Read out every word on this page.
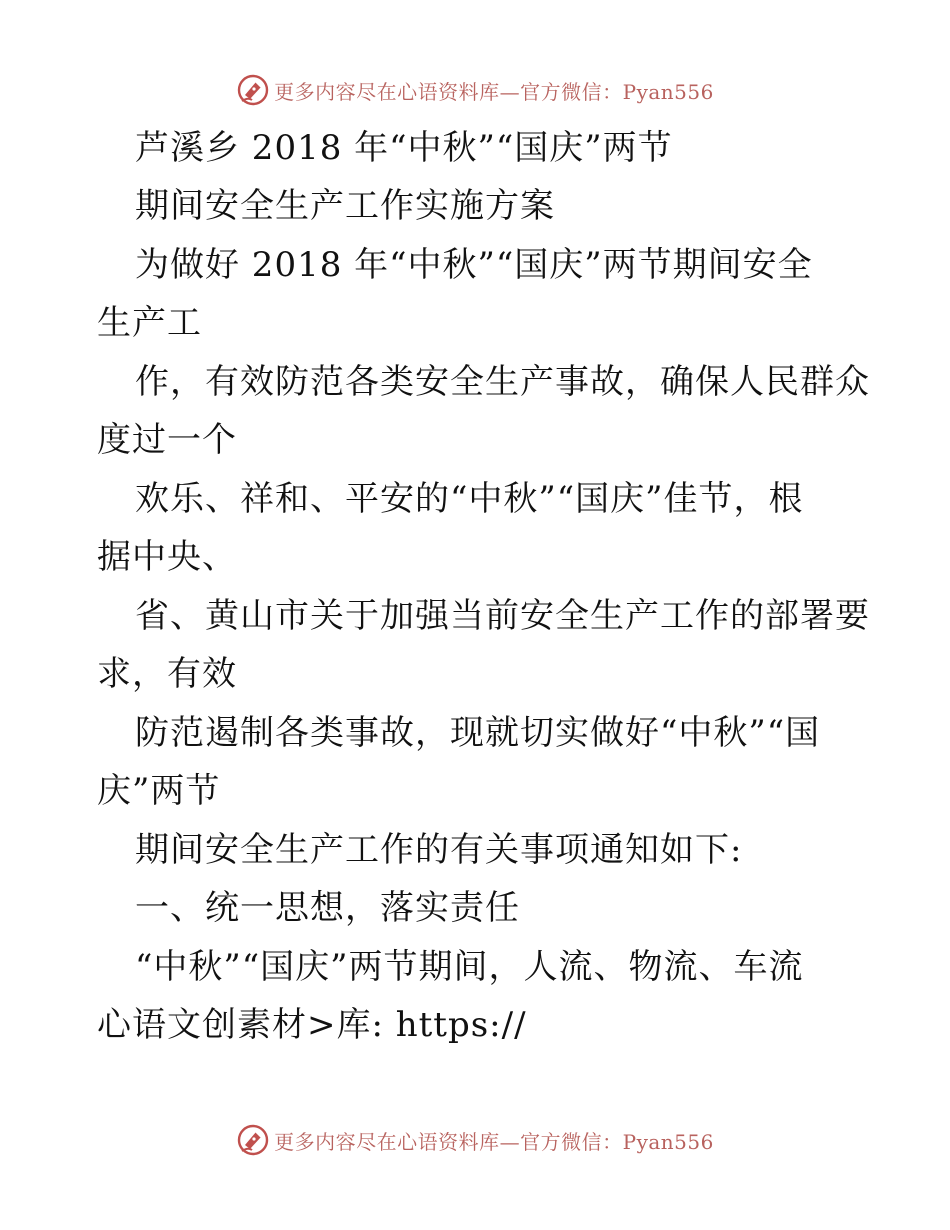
更多内容尽在心语资料库—官方微信：Pyan556
芦溪乡 2018 年“中秋”“国庆”两节
期间安全生产工作实施方案
为做好 2018 年“中秋”“国庆”两节期间安全
生产工
作，有效防范各类安全生产事故，确保人民群众
度过一个
欢乐、祥和、平安的“中秋”“国庆”佳节，根
据中央、
省、黄山市关于加强当前安全生产工作的部署要
求，有效
防范遏制各类事故，现就切实做好“中秋”“国
庆”两节
期间安全生产工作的有关事项通知如下:
一、统一思想，落实责任
“中秋”“国庆”两节期间，人流、物流、车流
心语文创素材>库: https://
更多内容尽在心语资料库—官方微信：Pyan556
